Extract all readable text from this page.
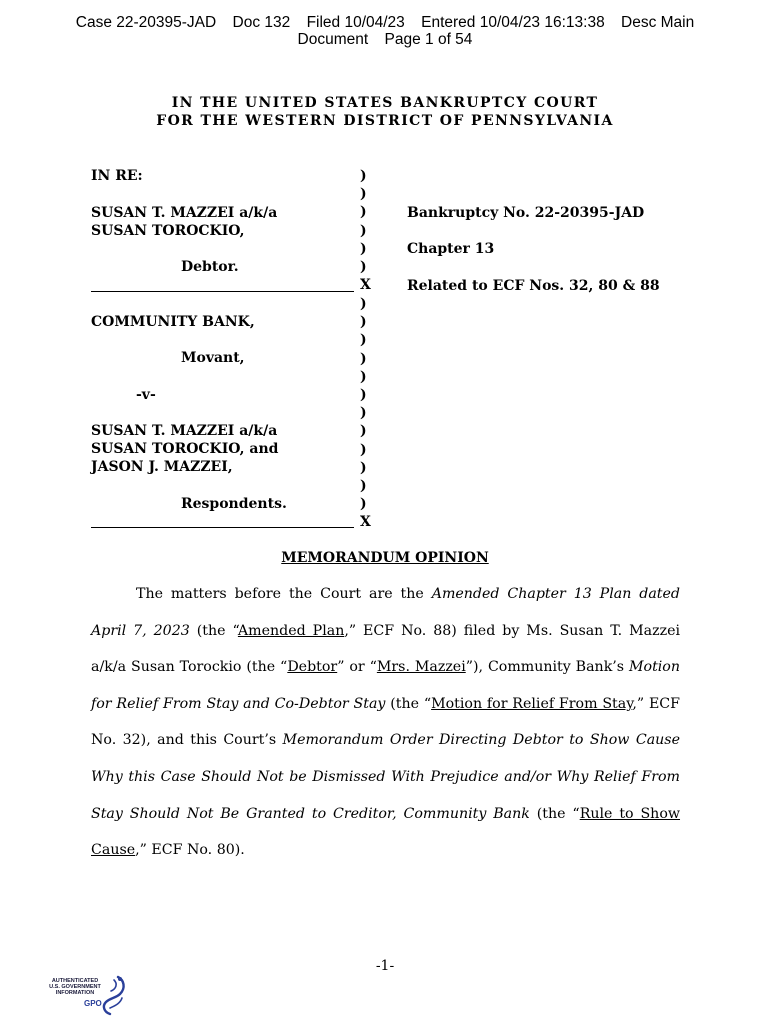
Case 22-20395-JAD Doc 132 Filed 10/04/23 Entered 10/04/23 16:13:38 Desc Main
Document Page 1 of 54
IN THE UNITED STATES BANKRUPTCY COURT
FOR THE WESTERN DISTRICT OF PENNSYLVANIA
IN RE:
SUSAN T. MAZZEI a/k/a
SUSAN TOROCKIO,
Debtor.
COMMUNITY BANK,
Movant,
-v-
SUSAN T. MAZZEI a/k/a
SUSAN TOROCKIO, and
JASON J. MAZZEI,
Respondents.
)
)
)
)
)
)
X
)
)
)
)
)
)
)
)
)
)
)
)
X
Bankruptcy No. 22-20395-JAD
Chapter 13
Related to ECF Nos. 32, 80 & 88
MEMORANDUM OPINION
The matters before the Court are the Amended Chapter 13 Plan dated April 7, 2023 (the “Amended Plan,” ECF No. 88) filed by Ms. Susan T. Mazzei a/k/a Susan Torockio (the “Debtor” or “Mrs. Mazzei”), Community Bank’s Motion for Relief From Stay and Co-Debtor Stay (the “Motion for Relief From Stay,” ECF No. 32), and this Court’s Memorandum Order Directing Debtor to Show Cause Why this Case Should Not be Dismissed With Prejudice and/or Why Relief From Stay Should Not Be Granted to Creditor, Community Bank (the “Rule to Show Cause,” ECF No. 80).
-1-
AUTHENTICATED
U.S. GOVERNMENT
INFORMATION
GPO
